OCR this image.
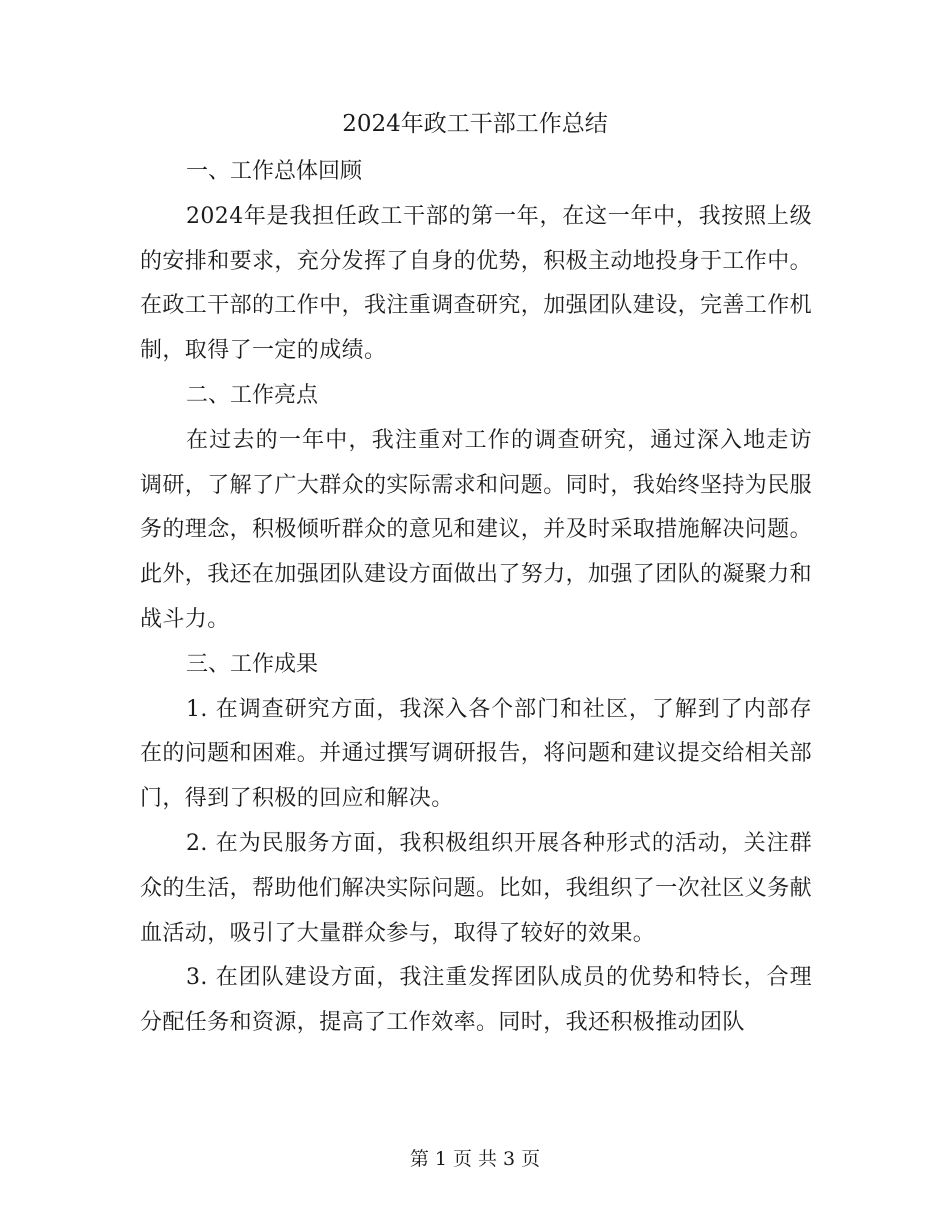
2024年政工干部工作总结

一、工作总体回顾

2024年是我担任政工干部的第一年，在这一年中，我按照上级的安排和要求，充分发挥了自身的优势，积极主动地投身于工作中。在政工干部的工作中，我注重调查研究，加强团队建设，完善工作机制，取得了一定的成绩。

二、工作亮点

在过去的一年中，我注重对工作的调查研究，通过深入地走访调研，了解了广大群众的实际需求和问题。同时，我始终坚持为民服务的理念，积极倾听群众的意见和建议，并及时采取措施解决问题。此外，我还在加强团队建设方面做出了努力，加强了团队的凝聚力和战斗力。

三、工作成果

1. 在调查研究方面，我深入各个部门和社区，了解到了内部存在的问题和困难。并通过撰写调研报告，将问题和建议提交给相关部门，得到了积极的回应和解决。

2. 在为民服务方面，我积极组织开展各种形式的活动，关注群众的生活，帮助他们解决实际问题。比如，我组织了一次社区义务献血活动，吸引了大量群众参与，取得了较好的效果。

3. 在团队建设方面，我注重发挥团队成员的优势和特长，合理分配任务和资源，提高了工作效率。同时，我还积极推动团队

第 1 页 共 3 页
